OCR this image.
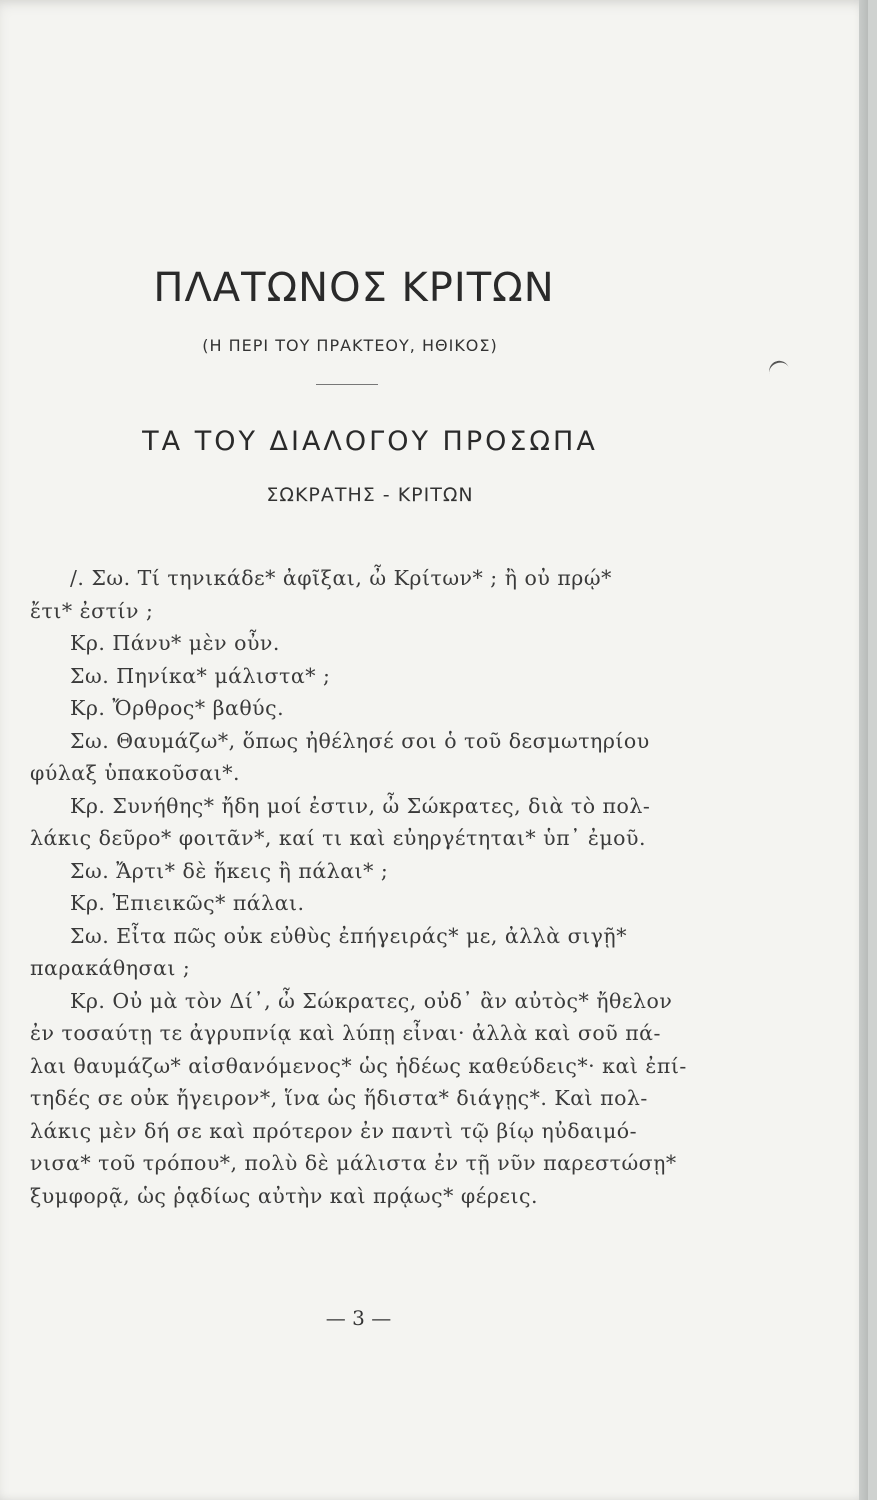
ΠΛΑΤΩΝΟΣ ΚΡΙΤΩΝ
(Η ΠΕΡΙ ΤΟΥ ΠΡΑΚΤΕΟΥ, ΗΘΙΚΟΣ)
ΤΑ ΤΟΥ ΔΙΑΛΟΓΟΥ ΠΡΟΣΩΠΑ
ΣΩΚΡΑΤΗΣ - ΚΡΙΤΩΝ
/. Σω. Τί τηνικάδε* ἀφῖξαι, ὦ Κρίτων* ; ἢ οὐ πρῴ*
ἔτι* ἐστίν ;
Κρ. Πάνυ* μὲν οὖν.
Σω. Πηνίκα* μάλιστα* ;
Κρ. Ὄρθρος* βαθύς.
Σω. Θαυμάζω*, ὅπως ἠθέλησέ σοι ὁ τοῦ δεσμωτηρίου
φύλαξ ὑπακοῦσαι*.
Κρ. Συνήθης* ἤδη μοί ἐστιν, ὦ Σώκρατες, διὰ τὸ πολ-
λάκις δεῦρο* φοιτᾶν*, καί τι καὶ εὐηργέτηται* ὑπ᾽ ἐμοῦ.
Σω. Ἄρτι* δὲ ἥκεις ἢ πάλαι* ;
Κρ. Ἐπιεικῶς* πάλαι.
Σω. Εἶτα πῶς οὐκ εὐθὺς ἐπήγειράς* με, ἀλλὰ σιγῇ*
παρακάθησαι ;
Κρ. Οὐ μὰ τὸν Δί᾽, ὦ Σώκρατες, οὐδ᾽ ἂν αὐτὸς* ἤθελον
ἐν τοσαύτῃ τε ἀγρυπνίᾳ καὶ λύπῃ εἶναι· ἀλλὰ καὶ σοῦ πά-
λαι θαυμάζω* αἰσθανόμενος* ὡς ἡδέως καθεύδεις*· καὶ ἐπί-
τηδές σε οὐκ ἤγειρον*, ἵνα ὡς ἥδιστα* διάγῃς*. Καὶ πολ-
λάκις μὲν δή σε καὶ πρότερον ἐν παντὶ τῷ βίῳ ηὐδαιμό-
νισα* τοῦ τρόπου*, πολὺ δὲ μάλιστα ἐν τῇ νῦν παρεστώσῃ*
ξυμφορᾷ, ὡς ῥᾳδίως αὐτὴν καὶ πρᾴως* φέρεις.
— 3 —
